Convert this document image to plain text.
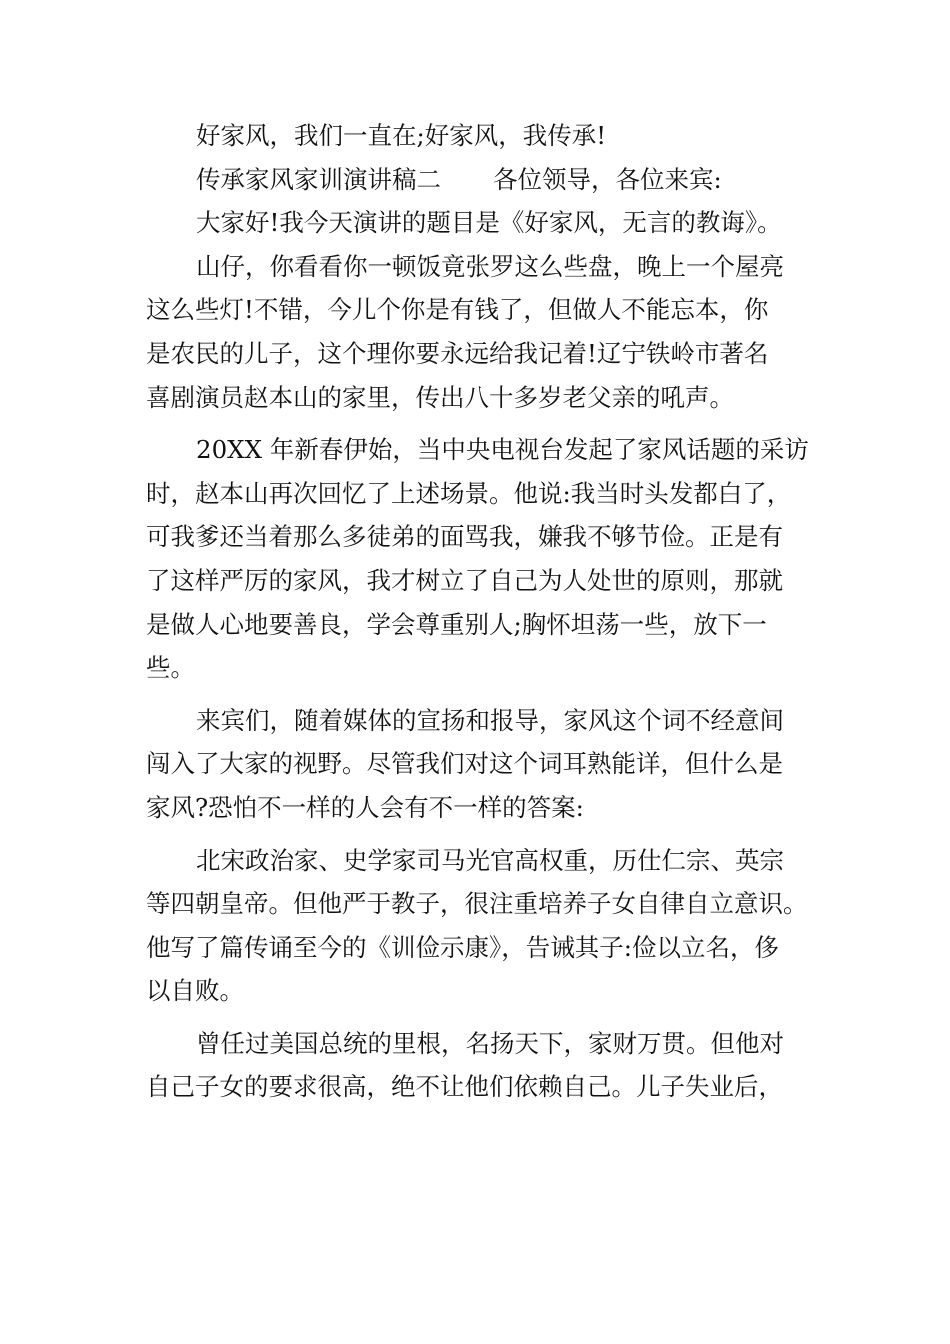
好家风，我们一直在;好家风，我传承!
传承家风家训演讲稿二 各位领导，各位来宾:
大家好!我今天演讲的题目是《好家风，无言的教诲》。
山仔，你看看你一顿饭竟张罗这么些盘，晚上一个屋亮
这么些灯!不错，今儿个你是有钱了，但做人不能忘本，你
是农民的儿子，这个理你要永远给我记着!辽宁铁岭市著名
喜剧演员赵本山的家里，传出八十多岁老父亲的吼声。
20XX 年新春伊始，当中央电视台发起了家风话题的采访
时，赵本山再次回忆了上述场景。他说:我当时头发都白了，
可我爹还当着那么多徒弟的面骂我，嫌我不够节俭。正是有
了这样严厉的家风，我才树立了自己为人处世的原则，那就
是做人心地要善良，学会尊重别人;胸怀坦荡一些，放下一
些。
来宾们，随着媒体的宣扬和报导，家风这个词不经意间
闯入了大家的视野。尽管我们对这个词耳熟能详，但什么是
家风?恐怕不一样的人会有不一样的答案:
北宋政治家、史学家司马光官高权重，历仕仁宗、英宗
等四朝皇帝。但他严于教子，很注重培养子女自律自立意识。
他写了篇传诵至今的《训俭示康》，告诫其子:俭以立名，侈
以自败。
曾任过美国总统的里根，名扬天下，家财万贯。但他对
自己子女的要求很高，绝不让他们依赖自己。儿子失业后，
